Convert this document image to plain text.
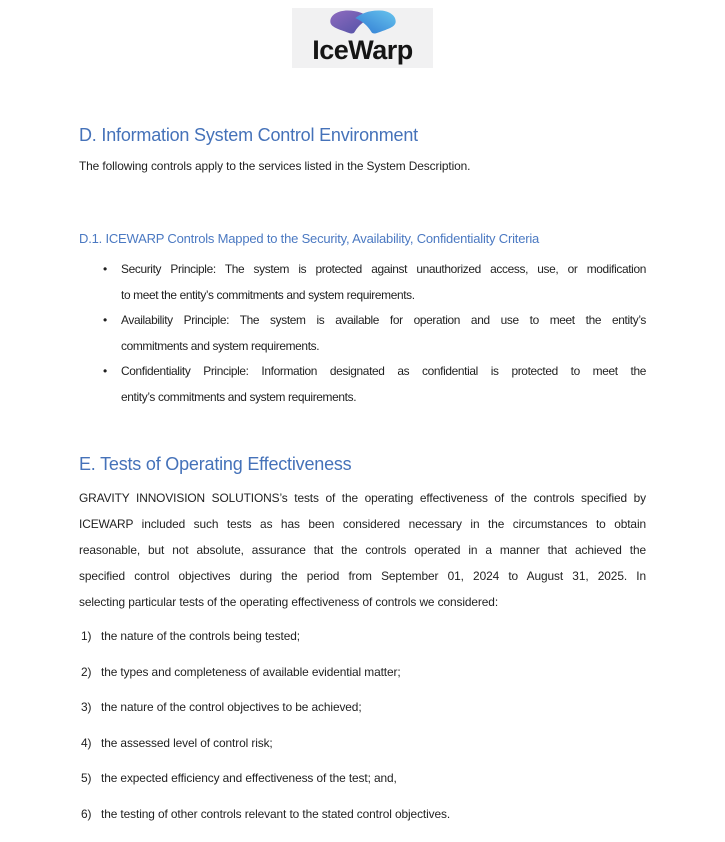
IceWarp
D. Information System Control Environment
The following controls apply to the services listed in the System Description.
D.1. ICEWARP Controls Mapped to the Security, Availability, Confidentiality Criteria
• Security Principle: The system is protected against unauthorized access, use, or modification
to meet the entity’s commitments and system requirements.
• Availability Principle: The system is available for operation and use to meet the entity’s
commitments and system requirements.
• Confidentiality Principle: Information designated as confidential is protected to meet the
entity’s commitments and system requirements.
E. Tests of Operating Effectiveness
GRAVITY INNOVISION SOLUTIONS’s tests of the operating effectiveness of the controls specified by
ICEWARP included such tests as has been considered necessary in the circumstances to obtain
reasonable, but not absolute, assurance that the controls operated in a manner that achieved the
specified control objectives during the period from September 01, 2024 to August 31, 2025. In
selecting particular tests of the operating effectiveness of controls we considered:
1) the nature of the controls being tested;
2) the types and completeness of available evidential matter;
3) the nature of the control objectives to be achieved;
4) the assessed level of control risk;
5) the expected efficiency and effectiveness of the test; and,
6) the testing of other controls relevant to the stated control objectives.
